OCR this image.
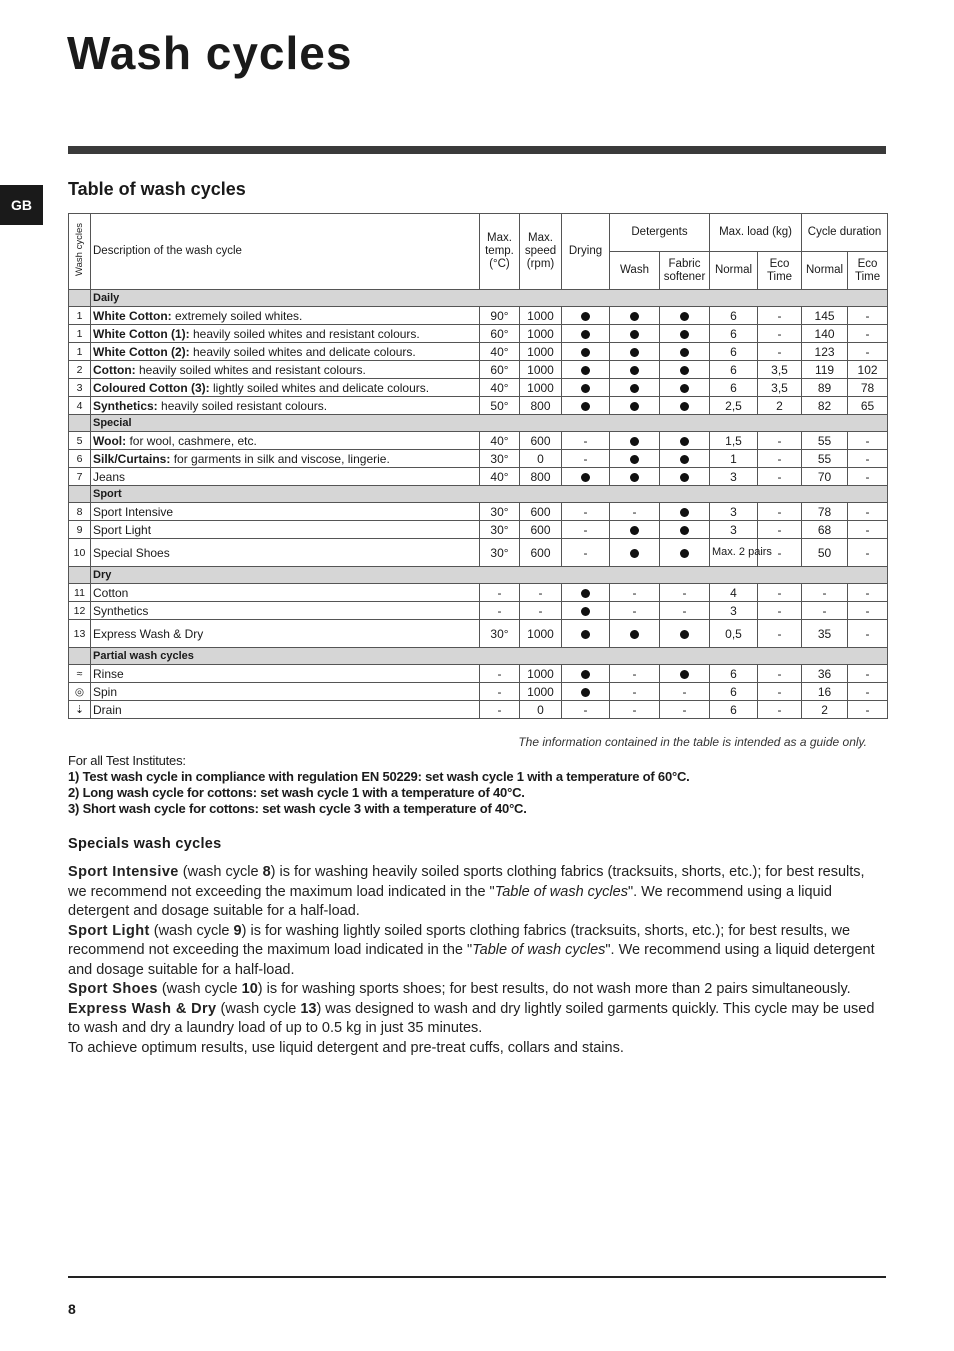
Wash cycles
GB
Table of wash cycles
Wash cycles	Description of the wash cycle	Max. temp. (°C)	Max. speed (rpm)	Drying	Detergents		Max. load (kg)		Cycle duration	
					Wash	Fabric softener	Normal	Eco Time	Normal	Eco Time
	Daily									
1	White Cotton: extremely soiled whites.	90°	1000				6	-	145	-
1	White Cotton (1): heavily soiled whites and resistant colours.	60°	1000				6	-	140	-
1	White Cotton (2): heavily soiled whites and delicate colours.	40°	1000				6	-	123	-
2	Cotton: heavily soiled whites and resistant colours.	60°	1000				6	3,5	119	102
3	Coloured Cotton (3): lightly soiled whites and delicate colours.	40°	1000				6	3,5	89	78
4	Synthetics: heavily soiled resistant colours.	50°	800				2,5	2	82	65
	Special									
5	Wool: for wool, cashmere, etc.	40°	600	-			1,5	-	55	-
6	Silk/Curtains: for garments in silk and viscose, lingerie.	30°	0	-			1	-	55	-
7	Jeans	40°	800				3	-	70	-
	Sport									
8	Sport Intensive	30°	600	-	-		3	-	78	-
9	Sport Light	30°	600	-			3	-	68	-
10	Special Shoes	30°	600	-			Max. 2 pairs	-	50	-
	Dry									
11	Cotton	-	-		-	-	4	-	-	-
12	Synthetics	-	-		-	-	3	-	-	-
13	Express Wash & Dry	30°	1000				0,5	-	35	-
	Partial wash cycles									
≈	Rinse	-	1000		-		6	-	36	-
◎	Spin	-	1000		-	-	6	-	16	-
⇣	Drain	-	0	-	-	-	6	-	2	-
The information contained in the table is intended as a guide only.
For all Test Institutes:
1) Test wash cycle in compliance with regulation EN 50229: set wash cycle 1 with a temperature of 60°C.
2) Long wash cycle for cottons: set wash cycle 1 with a temperature of 40°C.
3) Short wash cycle for cottons: set wash cycle 3 with a temperature of 40°C.
Specials wash cycles

Sport Intensive (wash cycle 8) is for washing heavily soiled sports clothing fabrics (tracksuits, shorts, etc.); for best results, we recommend not exceeding the maximum load indicated in the "Table of wash cycles". We recommend using a liquid detergent and dosage suitable for a half-load.

Sport Light (wash cycle 9) is for washing lightly soiled sports clothing fabrics (tracksuits, shorts, etc.); for best results, we recommend not exceeding the maximum load indicated in the "Table of wash cycles". We recommend using a liquid detergent and dosage suitable for a half-load.

Sport Shoes (wash cycle 10) is for washing sports shoes; for best results, do not wash more than 2 pairs simultaneously.

Express Wash & Dry (wash cycle 13) was designed to wash and dry lightly soiled garments quickly. This cycle may be used to wash and dry a laundry load of up to 0.5 kg in just 35 minutes.

To achieve optimum results, use liquid detergent and pre-treat cuffs, collars and stains.

8
